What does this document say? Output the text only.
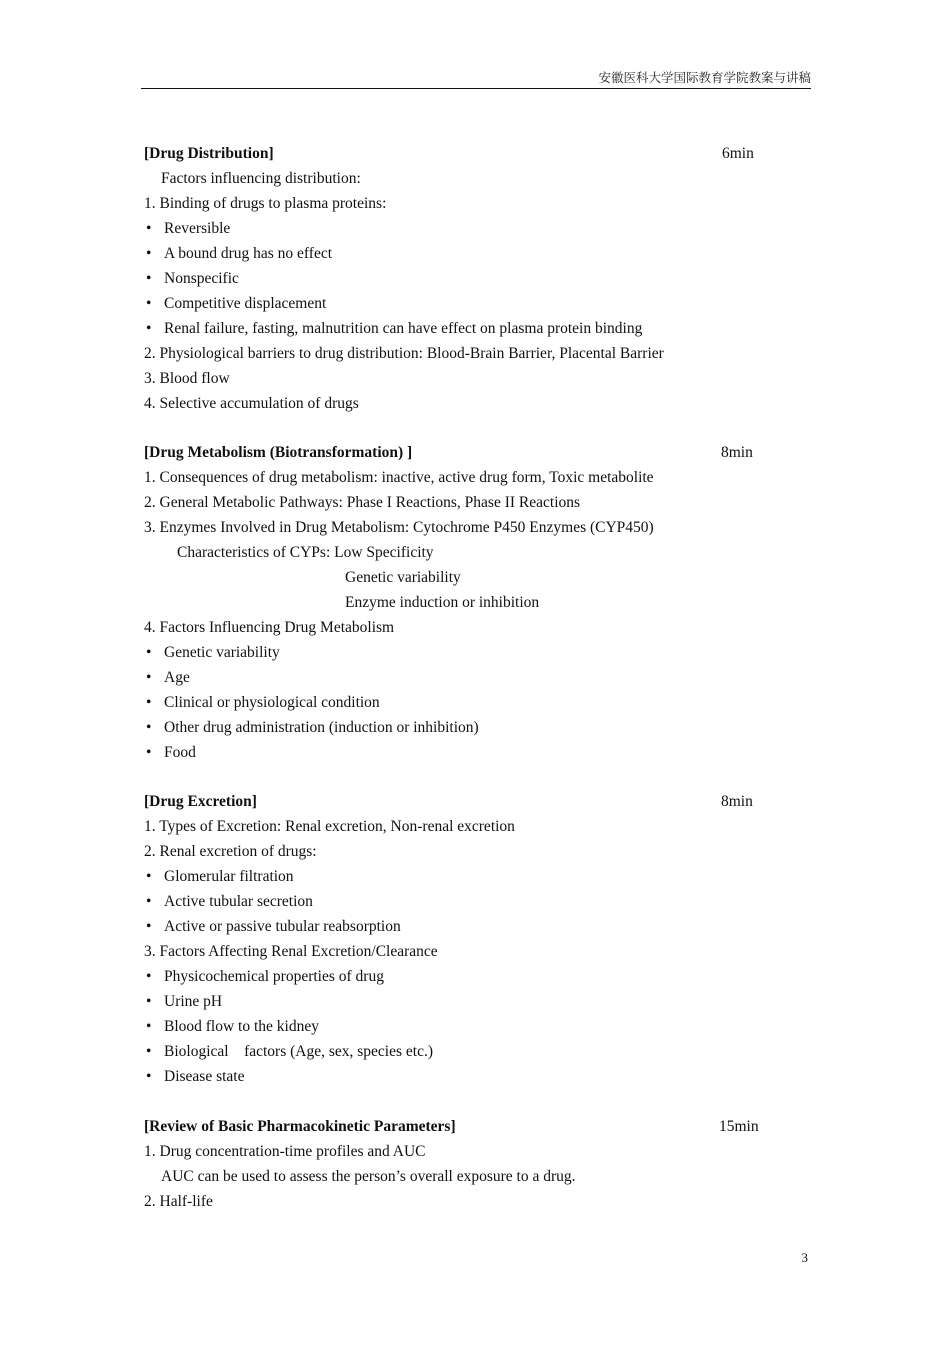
安徽医科大学国际教育学院教案与讲稿
[Drug Distribution]	6min
Factors influencing distribution:
1. Binding of drugs to plasma proteins:
• Reversible
• A bound drug has no effect
• Nonspecific
• Competitive displacement
• Renal failure, fasting, malnutrition can have effect on plasma protein binding
2. Physiological barriers to drug distribution: Blood-Brain Barrier, Placental Barrier
3. Blood flow
4. Selective accumulation of drugs
[Drug Metabolism (Biotransformation) ]	8min
1. Consequences of drug metabolism: inactive, active drug form, Toxic metabolite
2. General Metabolic Pathways: Phase I Reactions, Phase II Reactions
3. Enzymes Involved in Drug Metabolism: Cytochrome P450 Enzymes (CYP450)
Characteristics of CYPs: Low Specificity
Genetic variability
Enzyme induction or inhibition
4. Factors Influencing Drug Metabolism
• Genetic variability
• Age
• Clinical or physiological condition
• Other drug administration (induction or inhibition)
• Food
[Drug Excretion]	8min
1. Types of Excretion: Renal excretion, Non-renal excretion
2. Renal excretion of drugs:
• Glomerular filtration
• Active tubular secretion
• Active or passive tubular reabsorption
3. Factors Affecting Renal Excretion/Clearance
• Physicochemical properties of drug
• Urine pH
• Blood flow to the kidney
• Biological　factors (Age, sex, species etc.)
• Disease state
[Review of Basic Pharmacokinetic Parameters]	15min
1. Drug concentration-time profiles and AUC
AUC can be used to assess the person’s overall exposure to a drug.
2. Half-life
3
